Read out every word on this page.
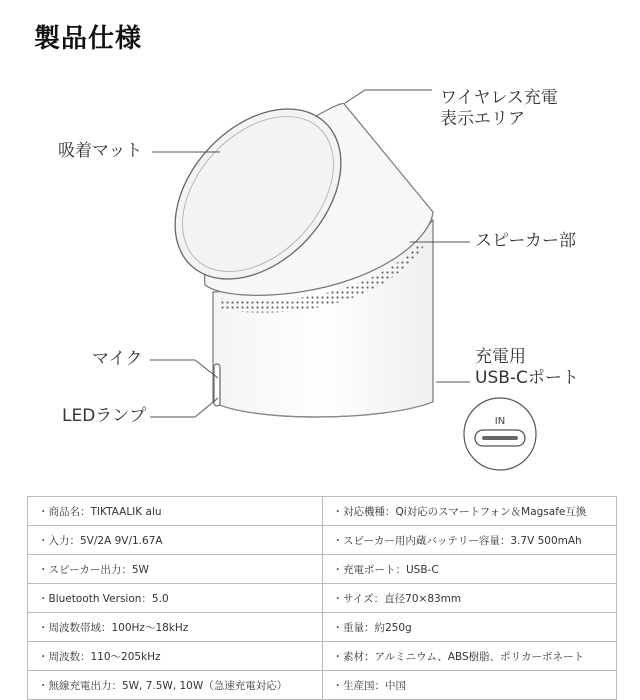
製品仕様
IN
ワイヤレス充電
表示エリア
吸着マット
スピーカー部
充電用
USB-Cポート
マイク
LEDランプ
・商品名：TIKTAALIK alu	・対応機種：Qi対応のスマートフォン＆Magsafe互換
・入力：5V/2A 9V/1.67A	・スピーカー用内蔵バッテリー容量：3.7V 500mAh
・スピーカー出力：5W	・充電ポート：USB-C
・Bluetooth Version：5.0	・サイズ：直径70×83mm
・周波数帯域：100Hz〜18kHz	・重量：約250g
・周波数：110〜205kHz	・素材：アルミニウム、ABS樹脂、ポリカーボネート
・無線充電出力：5W, 7.5W, 10W（急速充電対応）	・生産国：中国
